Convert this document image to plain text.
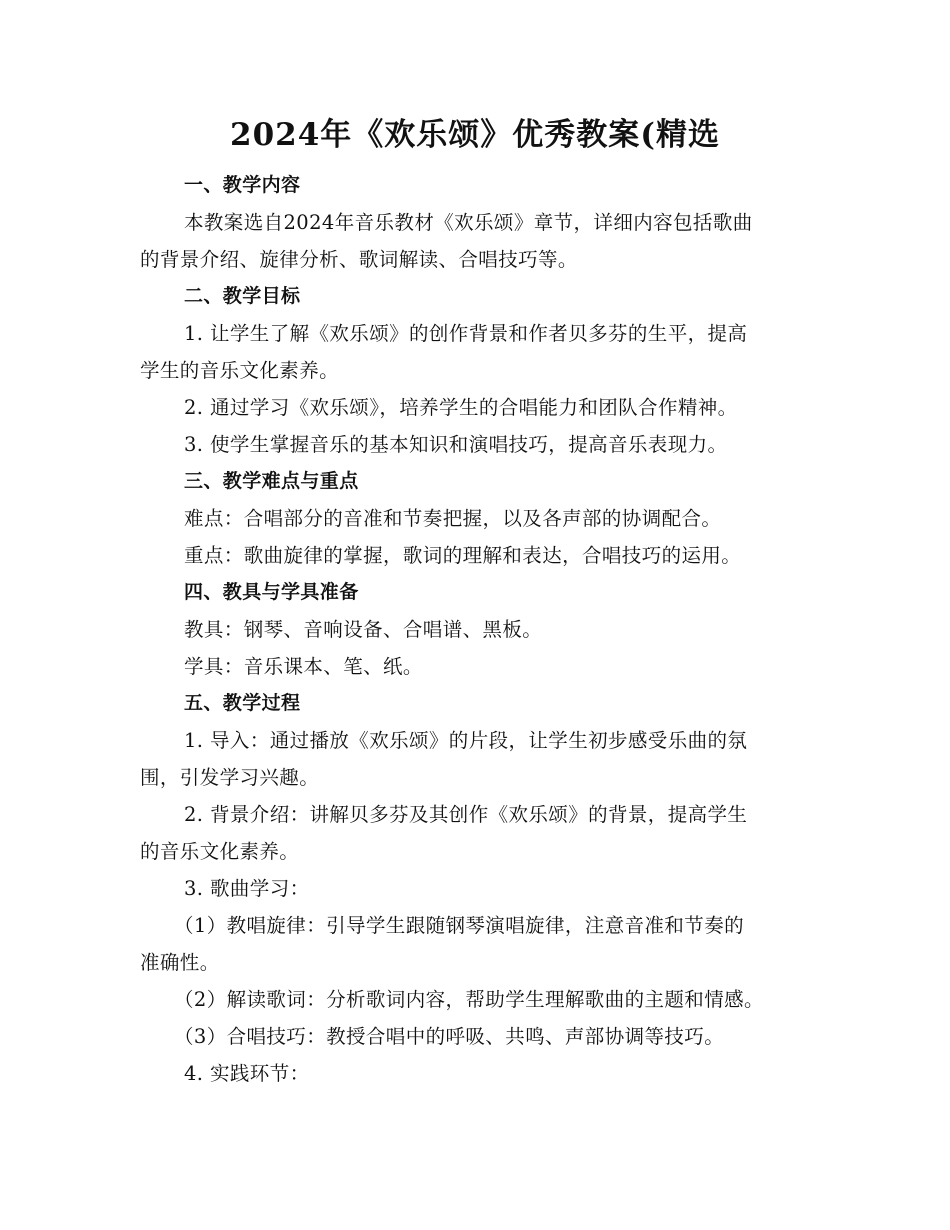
2024年《欢乐颂》优秀教案(精选
一、教学内容
本教案选自2024年音乐教材《欢乐颂》章节，详细内容包括歌曲
的背景介绍、旋律分析、歌词解读、合唱技巧等。
二、教学目标
1. 让学生了解《欢乐颂》的创作背景和作者贝多芬的生平，提高
学生的音乐文化素养。
2. 通过学习《欢乐颂》，培养学生的合唱能力和团队合作精神。
3. 使学生掌握音乐的基本知识和演唱技巧，提高音乐表现力。
三、教学难点与重点
难点：合唱部分的音准和节奏把握，以及各声部的协调配合。
重点：歌曲旋律的掌握，歌词的理解和表达，合唱技巧的运用。
四、教具与学具准备
教具：钢琴、音响设备、合唱谱、黑板。
学具：音乐课本、笔、纸。
五、教学过程
1. 导入：通过播放《欢乐颂》的片段，让学生初步感受乐曲的氛
围，引发学习兴趣。
2. 背景介绍：讲解贝多芬及其创作《欢乐颂》的背景，提高学生
的音乐文化素养。
3. 歌曲学习：
（1）教唱旋律：引导学生跟随钢琴演唱旋律，注意音准和节奏的
准确性。
（2）解读歌词：分析歌词内容，帮助学生理解歌曲的主题和情感。
（3）合唱技巧：教授合唱中的呼吸、共鸣、声部协调等技巧。
4. 实践环节：
